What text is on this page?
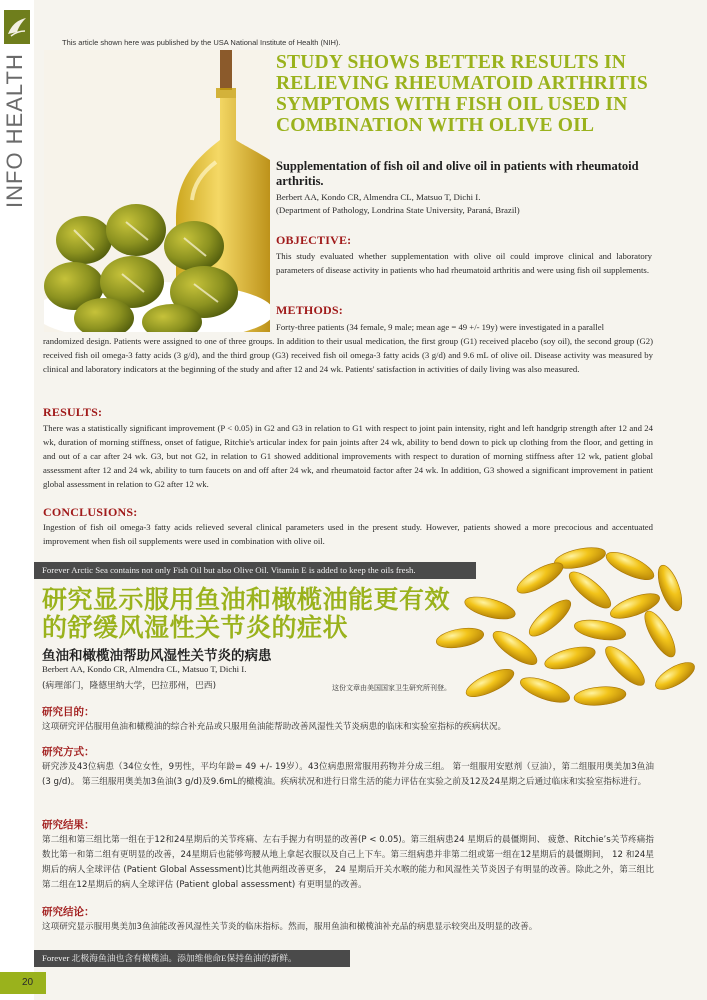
INFO HEALTH
This article shown here was published by the USA National Institute of Health (NIH).
STUDY SHOWS BETTER RESULTS IN RELIEVING RHEUMATOID ARTHRITIS SYMPTOMS WITH FISH OIL USED IN COMBINATION WITH OLIVE OIL
Supplementation of fish oil and olive oil in patients with rheumatoid arthritis.
Berbert AA, Kondo CR, Almendra CL, Matsuo T, Dichi I.
(Department of Pathology, Londrina State University, Paraná, Brazil)
OBJECTIVE:

This study evaluated whether supplementation with olive oil could improve clinical and laboratory parameters of disease activity in patients who had rheumatoid arthritis and were using fish oil supplements.

METHODS:

Forty-three patients (34 female, 9 male; mean age = 49 +/- 19y) were investigated in a parallel

randomized design. Patients were assigned to one of three groups. In addition to their usual medication, the first group (G1) received placebo (soy oil), the second group (G2) received fish oil omega-3 fatty acids (3 g/d), and the third group (G3) received fish oil omega-3 fatty acids (3 g/d) and 9.6 mL of olive oil. Disease activity was measured by clinical and laboratory indicators at the beginning of the study and after 12 and 24 wk. Patients' satisfaction in activities of daily living was also measured.

RESULTS:

There was a statistically significant improvement (P < 0.05) in G2 and G3 in relation to G1 with respect to joint pain intensity, right and left handgrip strength after 12 and 24 wk, duration of morning stiffness, onset of fatigue, Ritchie's articular index for pain joints after 24 wk, ability to bend down to pick up clothing from the floor, and getting in and out of a car after 24 wk. G3, but not G2, in relation to G1 showed additional improvements with respect to duration of morning stiffness after 12 wk, patient global assessment after 12 and 24 wk, ability to turn faucets on and off after 24 wk, and rheumatoid factor after 24 wk. In addition, G3 showed a significant improvement in patient global assessment in relation to G2 after 12 wk.

CONCLUSIONS:

Ingestion of fish oil omega-3 fatty acids relieved several clinical parameters used in the present study. However, patients showed a more precocious and accentuated improvement when fish oil supplements were used in combination with olive oil.

Forever Arctic Sea contains not only Fish Oil but also Olive Oil. Vitamin E is added to keep the oils fresh.
研究显示服用鱼油和橄榄油能更有效的舒缓风湿性关节炎的症状
鱼油和橄榄油帮助风湿性关节炎的病患
Berbert AA, Kondo CR, Almendra CL, Matsuo T, Dichi I.
(病理部门，隆德里纳大学，巴拉那州，巴西)	这份文章由美国国家卫生研究所刊登。
研究目的：

这项研究评估服用鱼油和橄榄油的综合补充品或只服用鱼油能帮助改善风湿性关节炎病患的临床和实验室指标的疾病状况。

研究方式：

研究涉及43位病患（34位女性，9男性，平均年龄= 49 +/- 19岁）。43位病患照常服用药物并分成三组。 第一组服用安慰剂（豆油），第二组服用奥美加3鱼油(3 g/d)。 第三组服用奥美加3鱼油(3 g/d)及9.6mL的橄榄油。疾病状况和进行日常生活的能力评估在实验之前及12及24星期之后通过临床和实验室指标进行。

研究结果：

第二组和第三组比第一组在于12和24星期后的关节疼痛、左右手握力有明显的改善(P < 0.05)。第三组病患24 星期后的晨僵期间、 疲惫、Ritchie’s关节疼痛指数比第一和第二组有更明显的改善，24星期后也能够弯腰从地上拿起衣服以及自己上下车。第三组病患并非第二组或第一组在12星期后的晨僵期间， 12 和24星期后的病人全球评估 (Patient Global Assessment)比其他两组改善更多， 24 星期后开关水喉的能力和风湿性关节炎因子有明显的改善。除此之外，第三组比第二组在12星期后的病人全球评估 (Patient global assessment) 有更明显的改善。

研究结论：

这项研究显示服用奥美加3鱼油能改善风湿性关节炎的临床指标。然而，服用鱼油和橄榄油补充品的病患显示较突出及明显的改善。

Forever 北极海鱼油也含有橄榄油。添加维他命E保持鱼油的新鲜。
20
